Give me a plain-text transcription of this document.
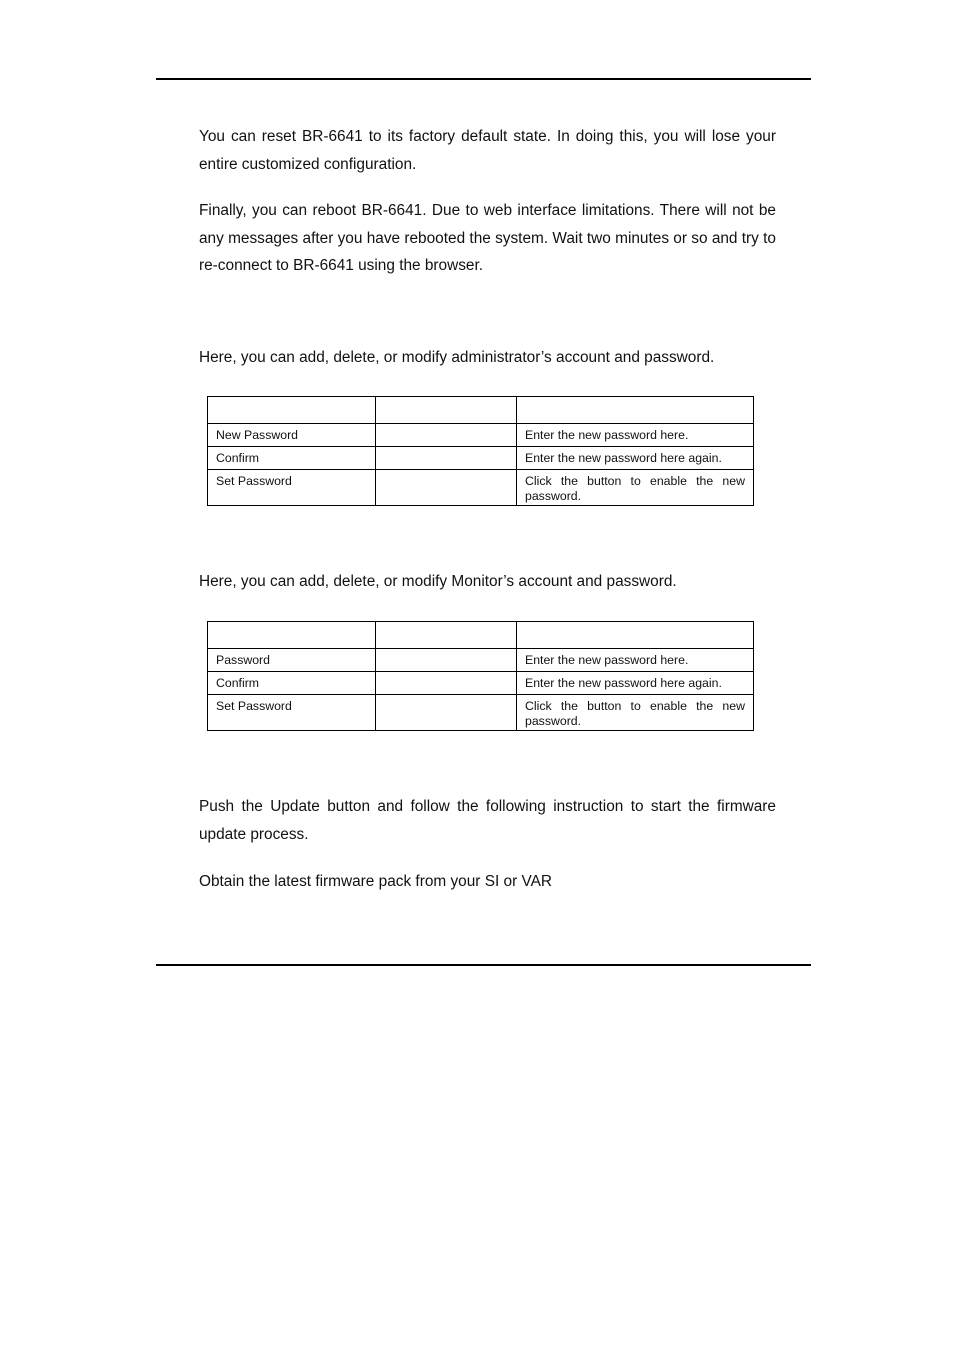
You can reset BR-6641 to its factory default state. In doing this, you will lose your entire customized configuration.

Finally, you can reboot BR-6641. Due to web interface limitations. There will not be any messages after you have rebooted the system. Wait two minutes or so and try to re-connect to BR-6641 using the browser.

Here, you can add, delete, or modify administrator’s account and password.

New Password		Enter the new password here.
Confirm		Enter the new password here again.
Set Password		Click the button to enable the new password.

Here, you can add, delete, or modify Monitor’s account and password.

Password		Enter the new password here.
Confirm		Enter the new password here again.
Set Password		Click the button to enable the new password.

Push the Update button and follow the following instruction to start the firmware update process.

Obtain the latest firmware pack from your SI or VAR
